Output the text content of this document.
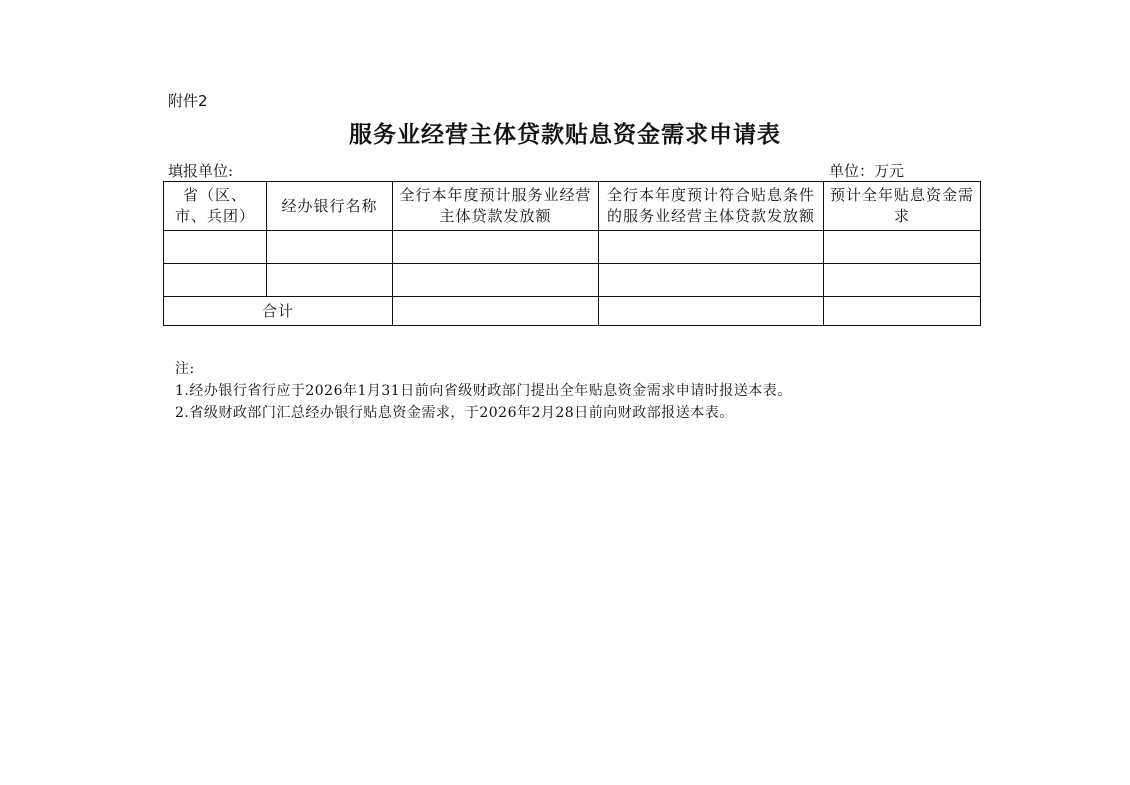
附件2
服务业经营主体贷款贴息资金需求申请表
填报单位:	单位：万元
省（区、市、兵团）	经办银行名称	全行本年度预计服务业经营主体贷款发放额	全行本年度预计符合贴息条件的服务业经营主体贷款发放额	预计全年贴息资金需求

合计				
注:
1.经办银行省行应于2026年1月31日前向省级财政部门提出全年贴息资金需求申请时报送本表。
2.省级财政部门汇总经办银行贴息资金需求，于2026年2月28日前向财政部报送本表。
